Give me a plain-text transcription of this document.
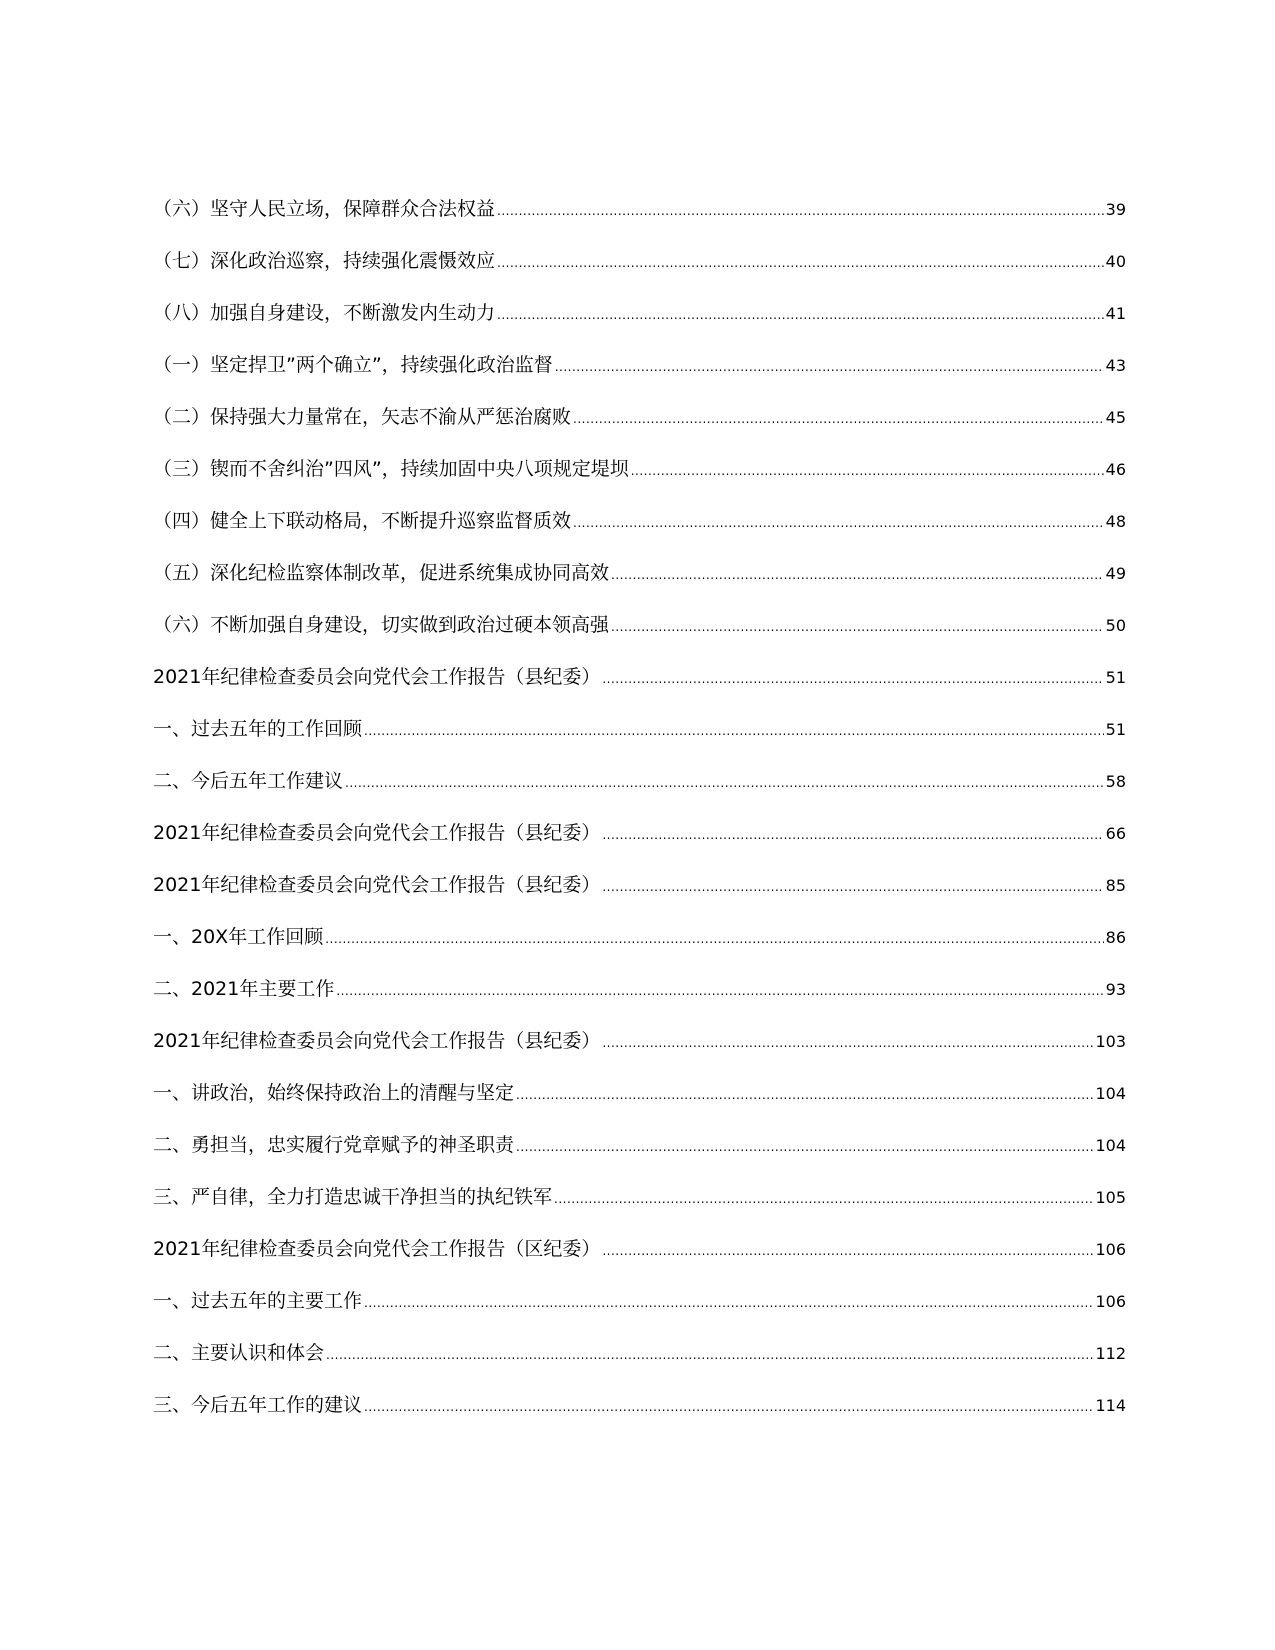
（六）坚守人民立场，保障群众合法权益 .....	39
（七）深化政治巡察，持续强化震慑效应 .....	40
（八）加强自身建设，不断激发内生动力 .....	41
（一）坚定捍卫”两个确立”，持续强化政治监督 .....	43
（二）保持强大力量常在，矢志不渝从严惩治腐败 .....	45
（三）锲而不舍纠治”四风”，持续加固中央八项规定堤坝 .....	46
（四）健全上下联动格局，不断提升巡察监督质效 .....	48
（五）深化纪检监察体制改革，促进系统集成协同高效 .....	49
（六）不断加强自身建设，切实做到政治过硬本领高强 .....	50
2021年纪律检查委员会向党代会工作报告（县纪委） .....	51
一、过去五年的工作回顾 .....	51
二、今后五年工作建议 .....	58
2021年纪律检查委员会向党代会工作报告（县纪委） .....	66
2021年纪律检查委员会向党代会工作报告（县纪委） .....	85
一、20X年工作回顾 .....	86
二、2021年主要工作 .....	93
2021年纪律检查委员会向党代会工作报告（县纪委） .....	103
一、讲政治，始终保持政治上的清醒与坚定 .....	104
二、勇担当，忠实履行党章赋予的神圣职责 .....	104
三、严自律，全力打造忠诚干净担当的执纪铁军 .....	105
2021年纪律检查委员会向党代会工作报告（区纪委） .....	106
一、过去五年的主要工作 .....	106
二、主要认识和体会 .....	112
三、今后五年工作的建议 .....	114
